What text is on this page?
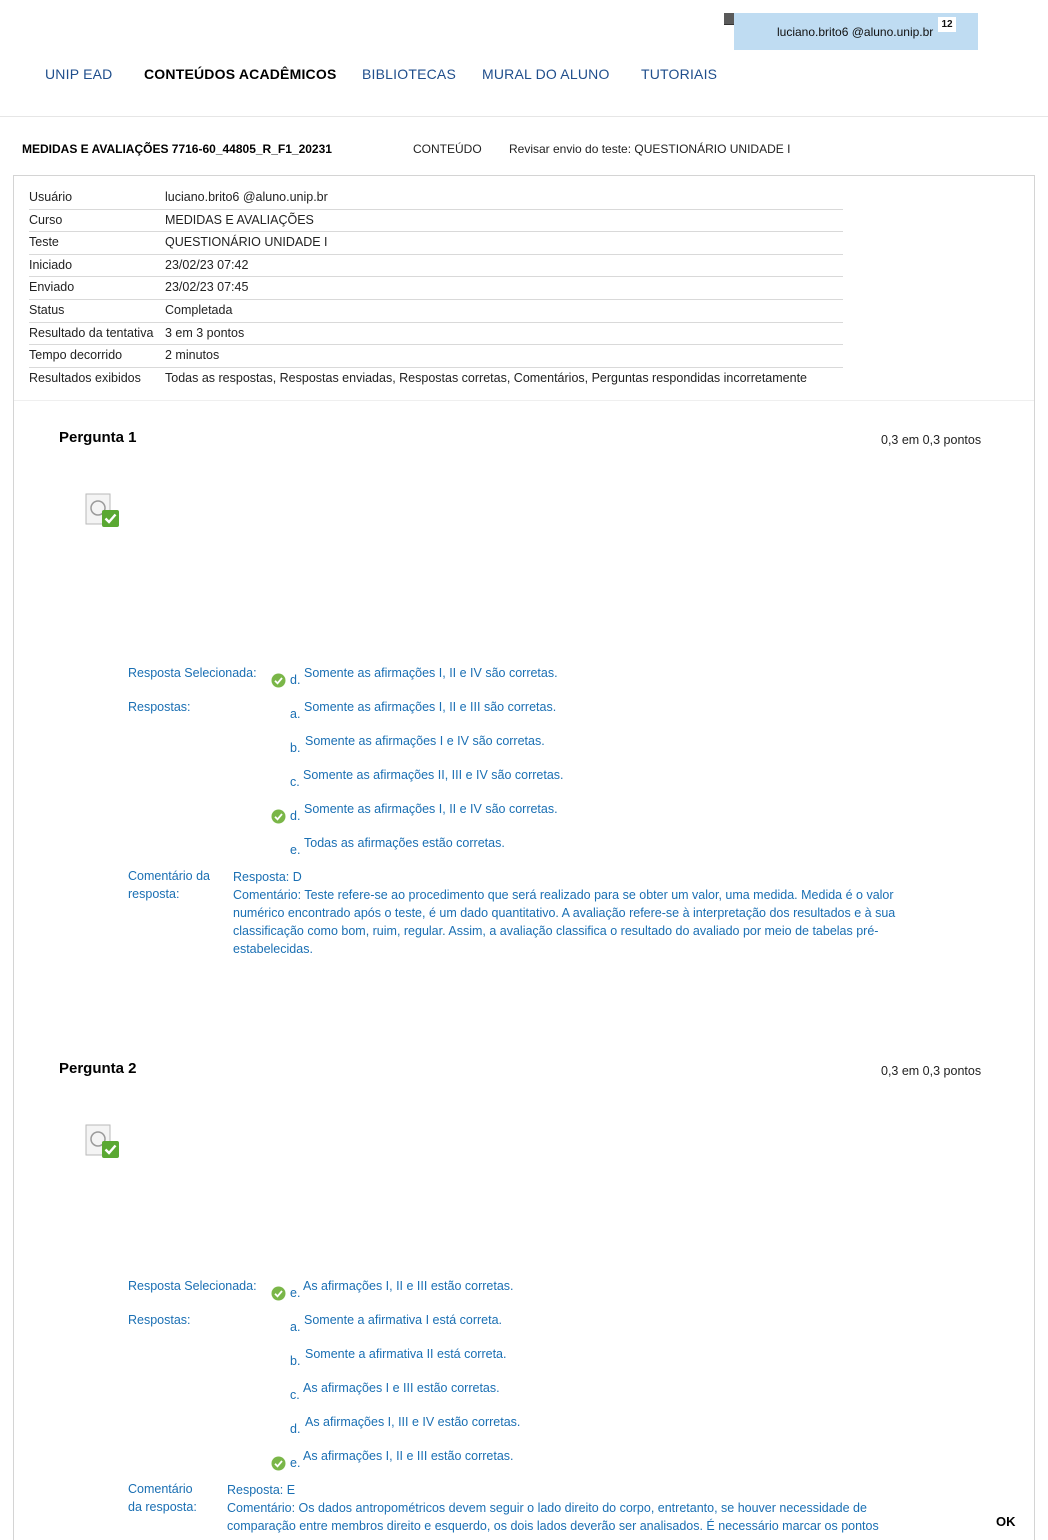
luciano.brito6 @aluno.unip.br
12
UNIP EAD CONTEÚDOS ACADÊMICOS BIBLIOTECAS MURAL DO ALUNO TUTORIAIS
MEDIDAS E AVALIAÇÕES 7716-60_44805_R_F1_20231	CONTEÚDO Revisar envio do teste: QUESTIONÁRIO UNIDADE I
Usuário	luciano.brito6 @aluno.unip.br
Curso	MEDIDAS E AVALIAÇÕES
Teste	QUESTIONÁRIO UNIDADE I
Iniciado	23/02/23 07:42
Enviado	23/02/23 07:45
Status	Completada
Resultado da tentativa 3 em 3 pontos
Tempo decorrido	2 minutos
Resultados exibidos Todas as respostas, Respostas enviadas, Respostas corretas, Comentários, Perguntas respondidas incorretamente
Pergunta 1	0,3 em 0,3 pontos
Resposta Selecionada:	d. Somente as afirmações I, II e IV são corretas.
Respostas:	a. Somente as afirmações I, II e III são corretas.
b. Somente as afirmações I e IV são corretas.
c. Somente as afirmações II, III e IV são corretas.
d. Somente as afirmações I, II e IV são corretas.
e. Todas as afirmações estão corretas.
Comentário da
resposta:
Resposta: D
Comentário: Teste refere-se ao procedimento que será realizado para se obter um valor, uma medida. Medida é o valor
numérico encontrado após o teste, é um dado quantitativo. A avaliação refere-se à interpretação dos resultados e à sua
classificação como bom, ruim, regular. Assim, a avaliação classifica o resultado do avaliado por meio de tabelas pré-
estabelecidas.
Pergunta 2	0,3 em 0,3 pontos
Resposta Selecionada:	e. As afirmações I, II e III estão corretas.
Respostas:	a. Somente a afirmativa I está correta.
b. Somente a afirmativa II está correta.
c. As afirmações I e III estão corretas.
d. As afirmações I, III e IV estão corretas.
e. As afirmações I, II e III estão corretas.
Comentário
da resposta:
Resposta: E
Comentário: Os dados antropométricos devem seguir o lado direito do corpo, entretanto, se houver necessidade de
comparação entre membros direito e esquerdo, os dois lados deverão ser analisados. É necessário marcar os pontos	OK
